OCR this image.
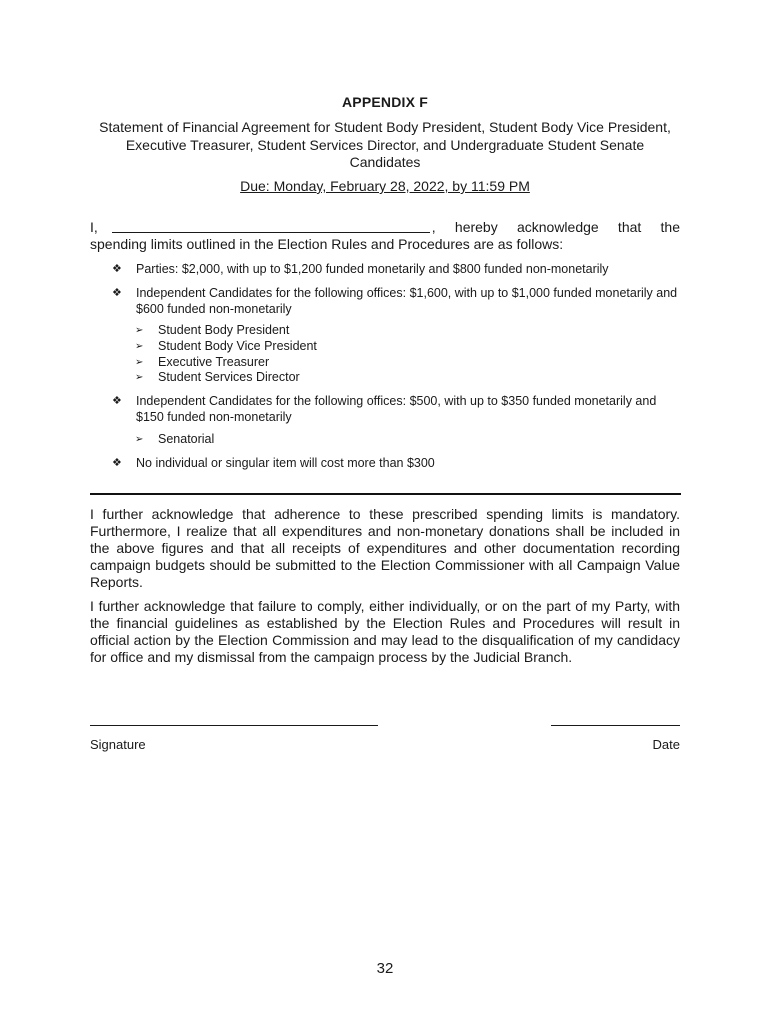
APPENDIX F
Statement of Financial Agreement for Student Body President, Student Body Vice President, Executive Treasurer, Student Services Director, and Undergraduate Student Senate Candidates
Due: Monday, February 28, 2022, by 11:59 PM
I,	, hereby acknowledge that the
spending limits outlined in the Election Rules and Procedures are as follows:
❖ Parties: $2,000, with up to $1,200 funded monetarily and $800 funded non-monetarily
❖ Independent Candidates for the following offices: $1,600, with up to $1,000 funded monetarily and $600 funded non-monetarily
❖ Independent Candidates for the following offices: $500, with up to $350 funded monetarily and $150 funded non-monetarily
❖ No individual or singular item will cost more than $300
➢ Student Body President
➢ Student Body Vice President
➢ Executive Treasurer
➢ Student Services Director
➢ Senatorial
I further acknowledge that adherence to these prescribed spending limits is mandatory. Furthermore, I realize that all expenditures and non-monetary donations shall be included in the above figures and that all receipts of expenditures and other documentation recording campaign budgets should be submitted to the Election Commissioner with all Campaign Value Reports.
I further acknowledge that failure to comply, either individually, or on the part of my Party, with the financial guidelines as established by the Election Rules and Procedures will result in official action by the Election Commission and may lead to the disqualification of my candidacy for office and my dismissal from the campaign process by the Judicial Branch.
Signature	Date
32
